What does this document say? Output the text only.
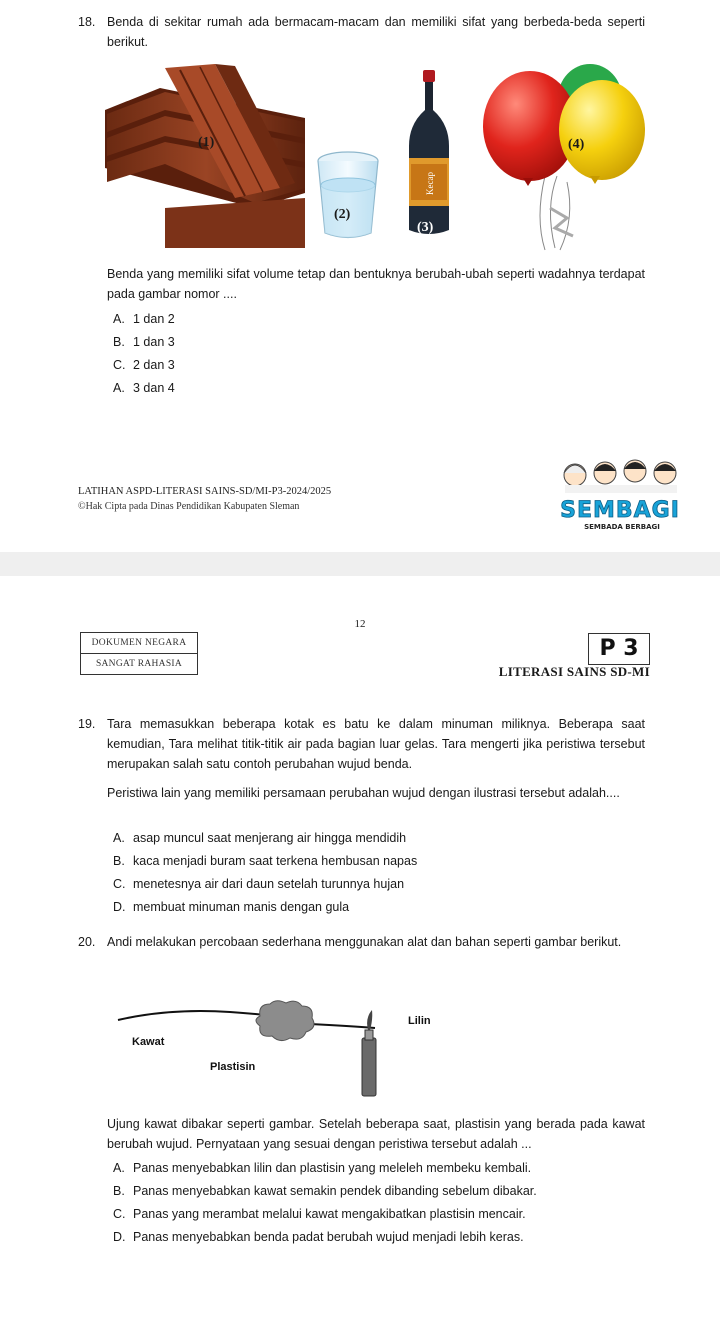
18. Benda di sekitar rumah ada bermacam-macam dan memiliki sifat yang berbeda-beda seperti berikut.
(1)
(2)
Kecap
(3)
(4)
Benda yang memiliki sifat volume tetap dan bentuknya berubah-ubah seperti wadahnya terdapat pada gambar nomor ....
A. 1 dan 2
B. 1 dan 3
C. 2 dan 3
A. 3 dan 4
LATIHAN ASPD-LITERASI SAINS-SD/MI-P3-2024/2025
©Hak Cipta pada Dinas Pendidikan Kabupaten Sleman	SEMBAGI
SEMBADA BERBAGI
12
DOKUMEN NEGARA
SANGAT RAHASIA
P 3
LITERASI SAINS SD-MI
19. Tara memasukkan beberapa kotak es batu ke dalam minuman miliknya. Beberapa saat kemudian, Tara melihat titik-titik air pada bagian luar gelas. Tara mengerti jika peristiwa tersebut merupakan salah satu contoh perubahan wujud benda.
Peristiwa lain yang memiliki persamaan perubahan wujud dengan ilustrasi tersebut adalah....
A. asap muncul saat menjerang air hingga mendidih
B. kaca menjadi buram saat terkena hembusan napas
C. menetesnya air dari daun setelah turunnya hujan
D. membuat minuman manis dengan gula
20. Andi melakukan percobaan sederhana menggunakan alat dan bahan seperti gambar berikut.
Kawat
Lilin
Plastisin
Ujung kawat dibakar seperti gambar. Setelah beberapa saat, plastisin yang berada pada kawat berubah wujud. Pernyataan yang sesuai dengan peristiwa tersebut adalah ...
A. Panas menyebabkan lilin dan plastisin yang meleleh membeku kembali.
B. Panas menyebabkan kawat semakin pendek dibanding sebelum dibakar.
C. Panas yang merambat melalui kawat mengakibatkan plastisin mencair.
D. Panas menyebabkan benda padat berubah wujud menjadi lebih keras.
